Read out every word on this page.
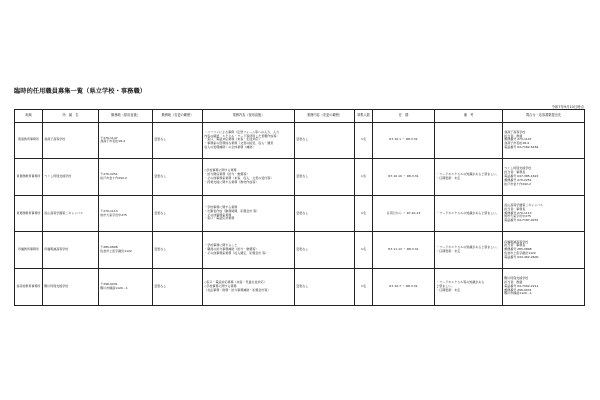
臨時的任用職員募集一覧（県立学校・事務職）
令和7年9月10日時点
地域	所　属　名	勤務地（採用直後）	勤務地（変更の範囲）	業務内容（採用直後）	業務内容（変更の範囲）	募集人数	任　期	備　考	問合せ・応募書類提出先
葛南教育事務所	我孫子高等学校	〒270-1147
我孫子市若松18-4	変更なし	・パソコンによる事務（定型フォーム等への入力、入力
内容の確認、エクセル・ワード等使用した書類作成等）
・窓口、電話対応業務（来客・生徒対応）
・事務室の庶務的な業務（文書の接受、収入・調書
収入の処理補助）の全体業務（補助）	変更なし	1名	R7.10.1 〜 R8.3.31		我孫子高等学校
担当者：教頭
郵便番号 270-1147
我孫子市若松18-4
電話番号 04-7182-6184

東葛飾教育事務所	つくし特別支援学校	〒270-2251
松戸市金ケ作292-2	変更なし	◇学校事務に関する業務
・給与関係業務（給与・旅費等）
・その他事務室業務（来客、収入、文書の受付等）
・授業支援に関する業務（教材作成等）	変更なし	1名	R7.10.10 〜 R8.3.31	・ワードやエクセルの知識があると望ましい。
・任期更新：未定	つくし特別支援学校
担当者：事務長
電話番号 047-385-1622
郵便番号 270-2251
松戸市金ケ作292-2

東葛飾教育事務所	流山高等学園第二キャンパス	〒270-1113
柏市大室字田中275	変更なし	・学校事務に関する業務
・出勤表作成（勤務時間、私費会計 等）
・その他事務室業務
・窓口・電話応対業務	変更なし	1名	任用日から 〜 R7.10.13	・ワードやエクセルの知識があると望ましい。	流山高等学園第二キャンパス
担当者：事務長
郵便番号 270-1113
柏市大室字田中275
電話番号 04-7187-0031

印旛教育事務所	印旛明誠高等学校	〒285-0808
佐倉市上座字鍬田1122	変更なし	・学校事務に関すること
・職員の給与事務補助（給与・旅費等）
・その他事務室業務（収入調定、私費会計 等）	変更なし	1名	R7.11.13 〜 R8.3.31	・ワードやエクセルの知識があると望ましい。
・任期更新：未定	印旛明誠高等学校
担当者：事務長
郵便番号 285-0808
佐倉市上座字鍬田1122
電話番号 043-462-2600

南房総教育事務所	鴨川特別支援学校	〒296-0031
鴨川市横渚1120－1	変更なし	◇窓口・電話対応業務（来客・児童生徒対応）
◇学校事務に関する業務
（支払事務・財務・給与事務補助・私費会計等）	変更なし	1名	R7.10.7 〜 R8.3.31	・ワードやエクセル等の知識がある
と望ましい。
・任期更新：未定	鴨川特別支援学校
担当者：教頭
電話番号 04-7092-2211
郵便番号 296-0031
鴨川市横渚1120－1
